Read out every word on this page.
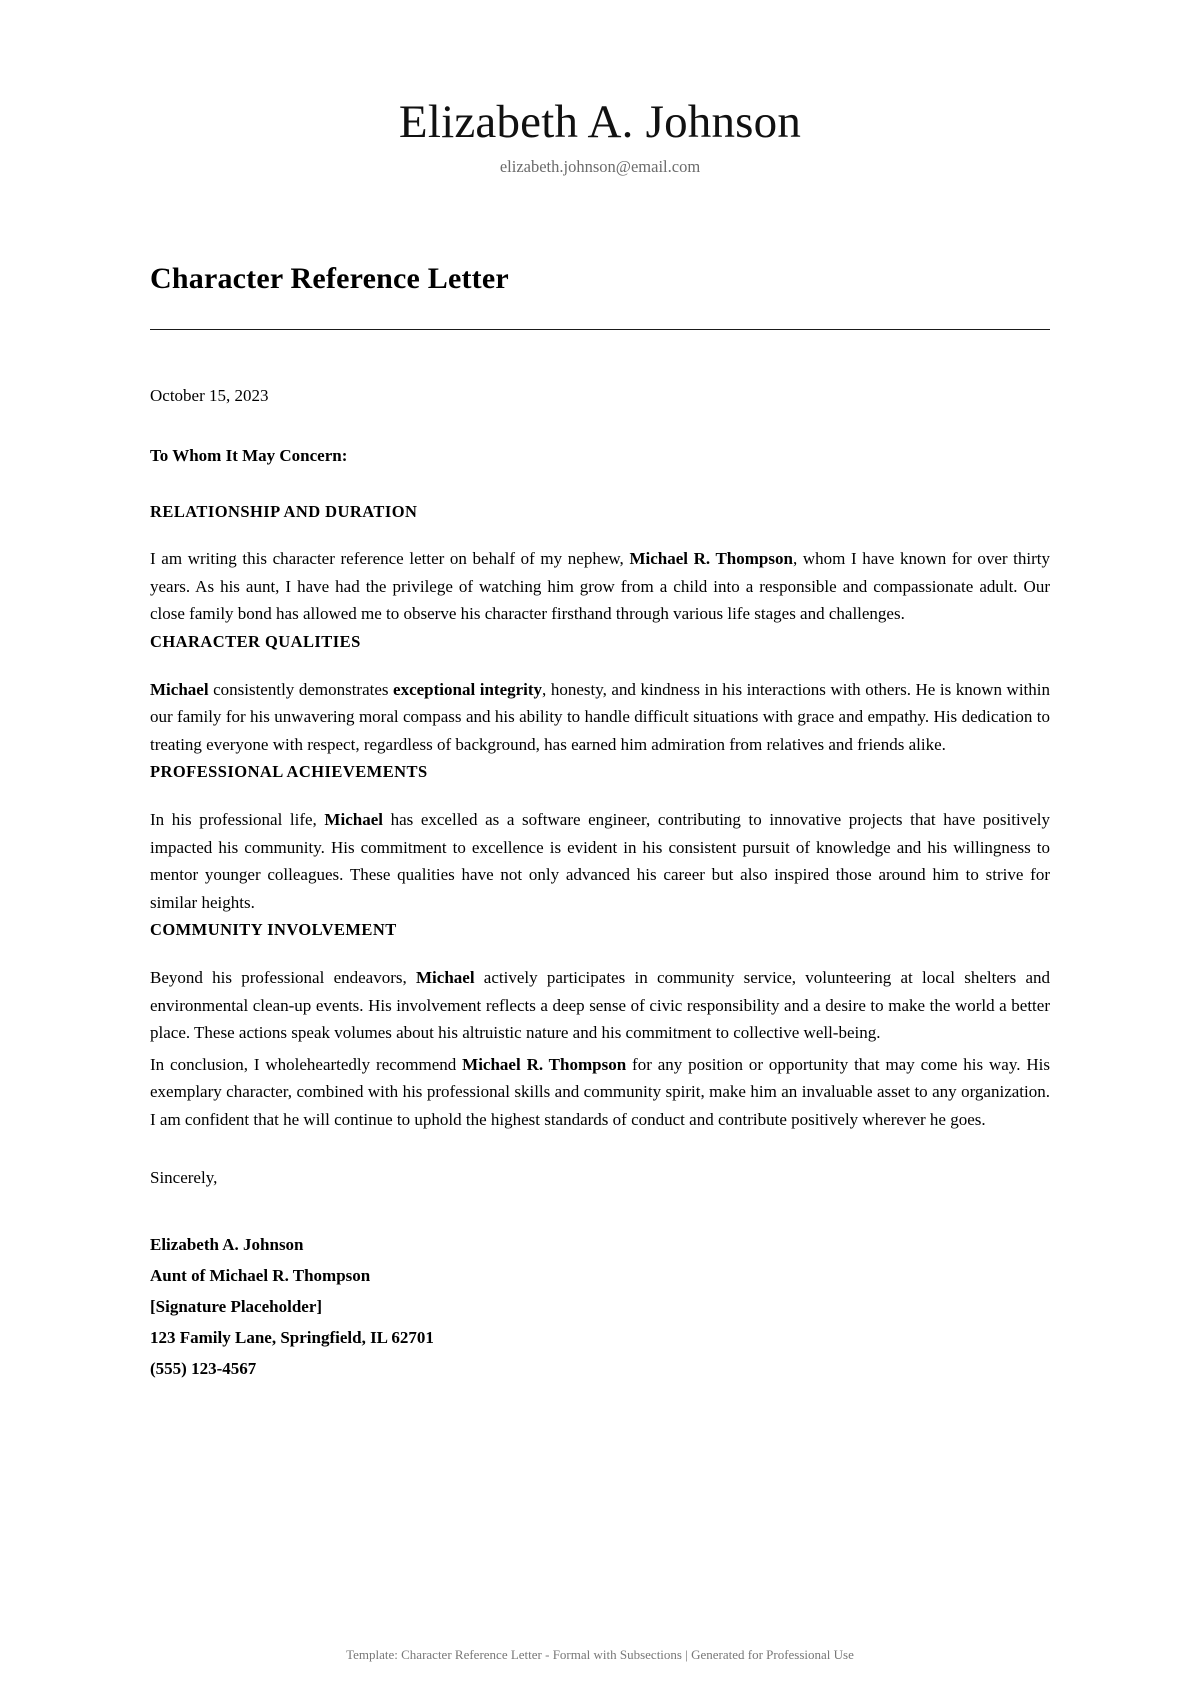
Elizabeth A. Johnson
elizabeth.johnson@email.com
Character Reference Letter

October 15, 2023

To Whom It May Concern:

RELATIONSHIP AND DURATION

I am writing this character reference letter on behalf of my nephew, Michael R. Thompson, whom I have known for over thirty years. As his aunt, I have had the privilege of watching him grow from a child into a responsible and compassionate adult. Our close family bond has allowed me to observe his character firsthand through various life stages and challenges.

CHARACTER QUALITIES

Michael consistently demonstrates exceptional integrity, honesty, and kindness in his interactions with others. He is known within our family for his unwavering moral compass and his ability to handle difficult situations with grace and empathy. His dedication to treating everyone with respect, regardless of background, has earned him admiration from relatives and friends alike.

PROFESSIONAL ACHIEVEMENTS

In his professional life, Michael has excelled as a software engineer, contributing to innovative projects that have positively impacted his community. His commitment to excellence is evident in his consistent pursuit of knowledge and his willingness to mentor younger colleagues. These qualities have not only advanced his career but also inspired those around him to strive for similar heights.

COMMUNITY INVOLVEMENT

Beyond his professional endeavors, Michael actively participates in community service, volunteering at local shelters and environmental clean-up events. His involvement reflects a deep sense of civic responsibility and a desire to make the world a better place. These actions speak volumes about his altruistic nature and his commitment to collective well-being.

In conclusion, I wholeheartedly recommend Michael R. Thompson for any position or opportunity that may come his way. His exemplary character, combined with his professional skills and community spirit, make him an invaluable asset to any organization. I am confident that he will continue to uphold the highest standards of conduct and contribute positively wherever he goes.

Sincerely,

Elizabeth A. Johnson

Aunt of Michael R. Thompson

[Signature Placeholder]

123 Family Lane, Springfield, IL 62701

(555) 123-4567

Template: Character Reference Letter - Formal with Subsections | Generated for Professional Use
